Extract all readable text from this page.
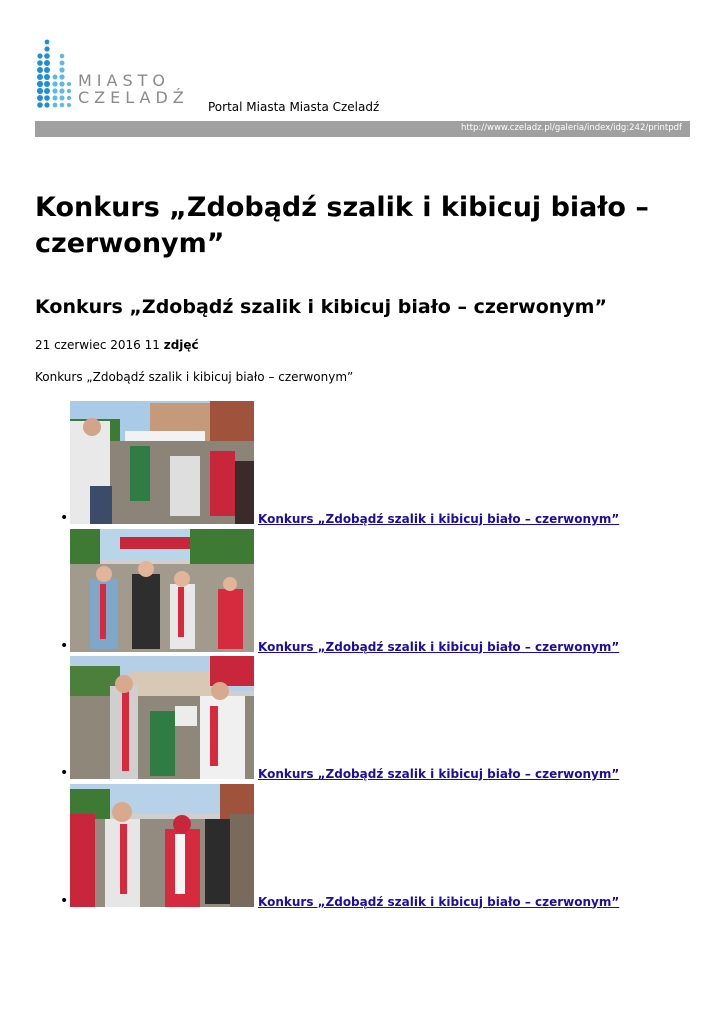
MIASTO
CZELADŹ Portal Miasta Miasta Czeladź
http://www.czeladz.pl/galeria/index/idg:242/printpdf
Konkurs „Zdobądź szalik i kibicuj biało – czerwonym”
Konkurs „Zdobądź szalik i kibicuj biało – czerwonym”
21 czerwiec 2016 11 zdjęć
Konkurs „Zdobądź szalik i kibicuj biało – czerwonym”
•	Konkurs „Zdobądź szalik i kibicuj biało – czerwonym”
•	Konkurs „Zdobądź szalik i kibicuj biało – czerwonym”
•	Konkurs „Zdobądź szalik i kibicuj biało – czerwonym”
•	Konkurs „Zdobądź szalik i kibicuj biało – czerwonym”
